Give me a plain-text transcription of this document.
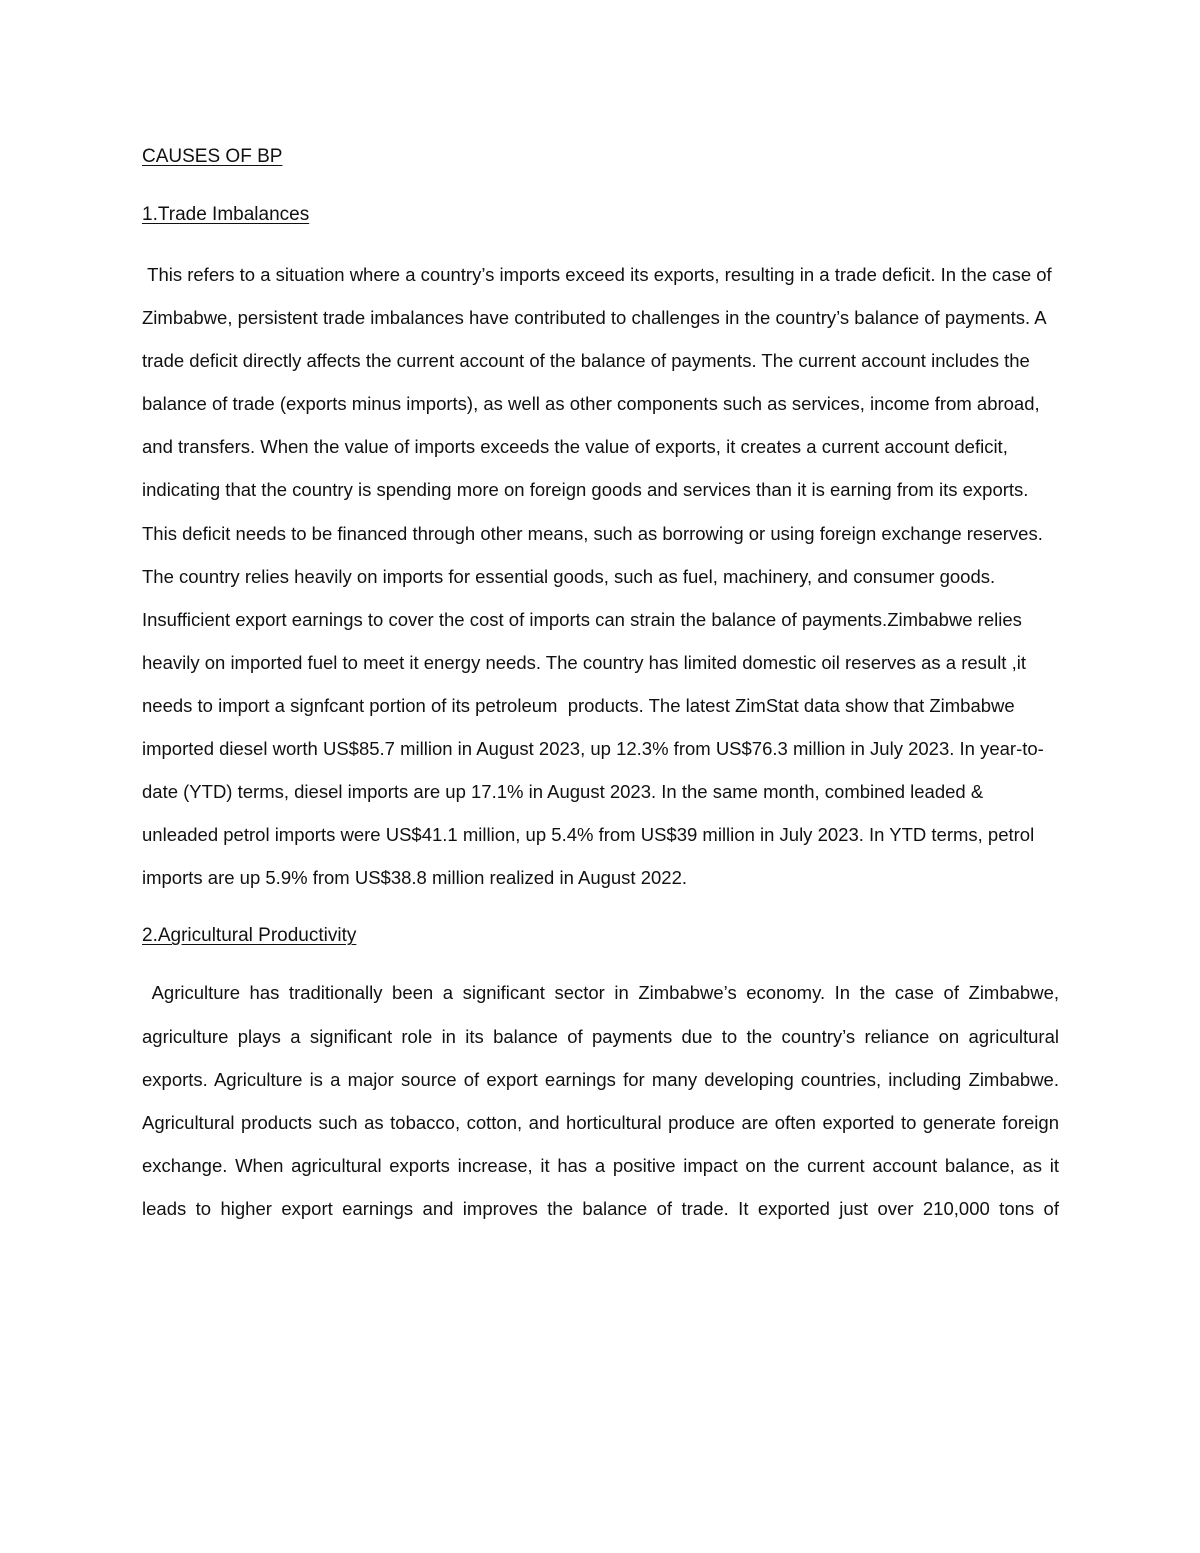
CAUSES OF BP
1.Trade Imbalances

This refers to a situation where a country’s imports exceed its exports, resulting in a trade deficit. In the case of Zimbabwe, persistent trade imbalances have contributed to challenges in the country’s balance of payments. A trade deficit directly affects the current account of the balance of payments. The current account includes the balance of trade (exports minus imports), as well as other components such as services, income from abroad, and transfers. When the value of imports exceeds the value of exports, it creates a current account deficit, indicating that the country is spending more on foreign goods and services than it is earning from its exports. This deficit needs to be financed through other means, such as borrowing or using foreign exchange reserves. The country relies heavily on imports for essential goods, such as fuel, machinery, and consumer goods. Insufficient export earnings to cover the cost of imports can strain the balance of payments.Zimbabwe relies heavily on imported fuel to meet it energy needs. The country has limited domestic oil reserves as a result ,it needs to import a signfcant portion of its petroleum  products. The latest ZimStat data show that Zimbabwe imported diesel worth US$85.7 million in August 2023, up 12.3% from US$76.3 million in July 2023. In year-to-date (YTD) terms, diesel imports are up 17.1% in August 2023. In the same month, combined leaded & unleaded petrol imports were US$41.1 million, up 5.4% from US$39 million in July 2023. In YTD terms, petrol imports are up 5.9% from US$38.8 million realized in August 2022.

2.Agricultural Productivity

Agriculture has traditionally been a significant sector in Zimbabwe’s economy. In the case of Zimbabwe, agriculture plays a significant role in its balance of payments due to the country’s reliance on agricultural exports. Agriculture is a major source of export earnings for many developing countries, including Zimbabwe. Agricultural products such as tobacco, cotton, and horticultural produce are often exported to generate foreign exchange. When agricultural exports increase, it has a positive impact on the current account balance, as it leads to higher export earnings and improves the balance of trade. It exported just over 210,000 tons of
